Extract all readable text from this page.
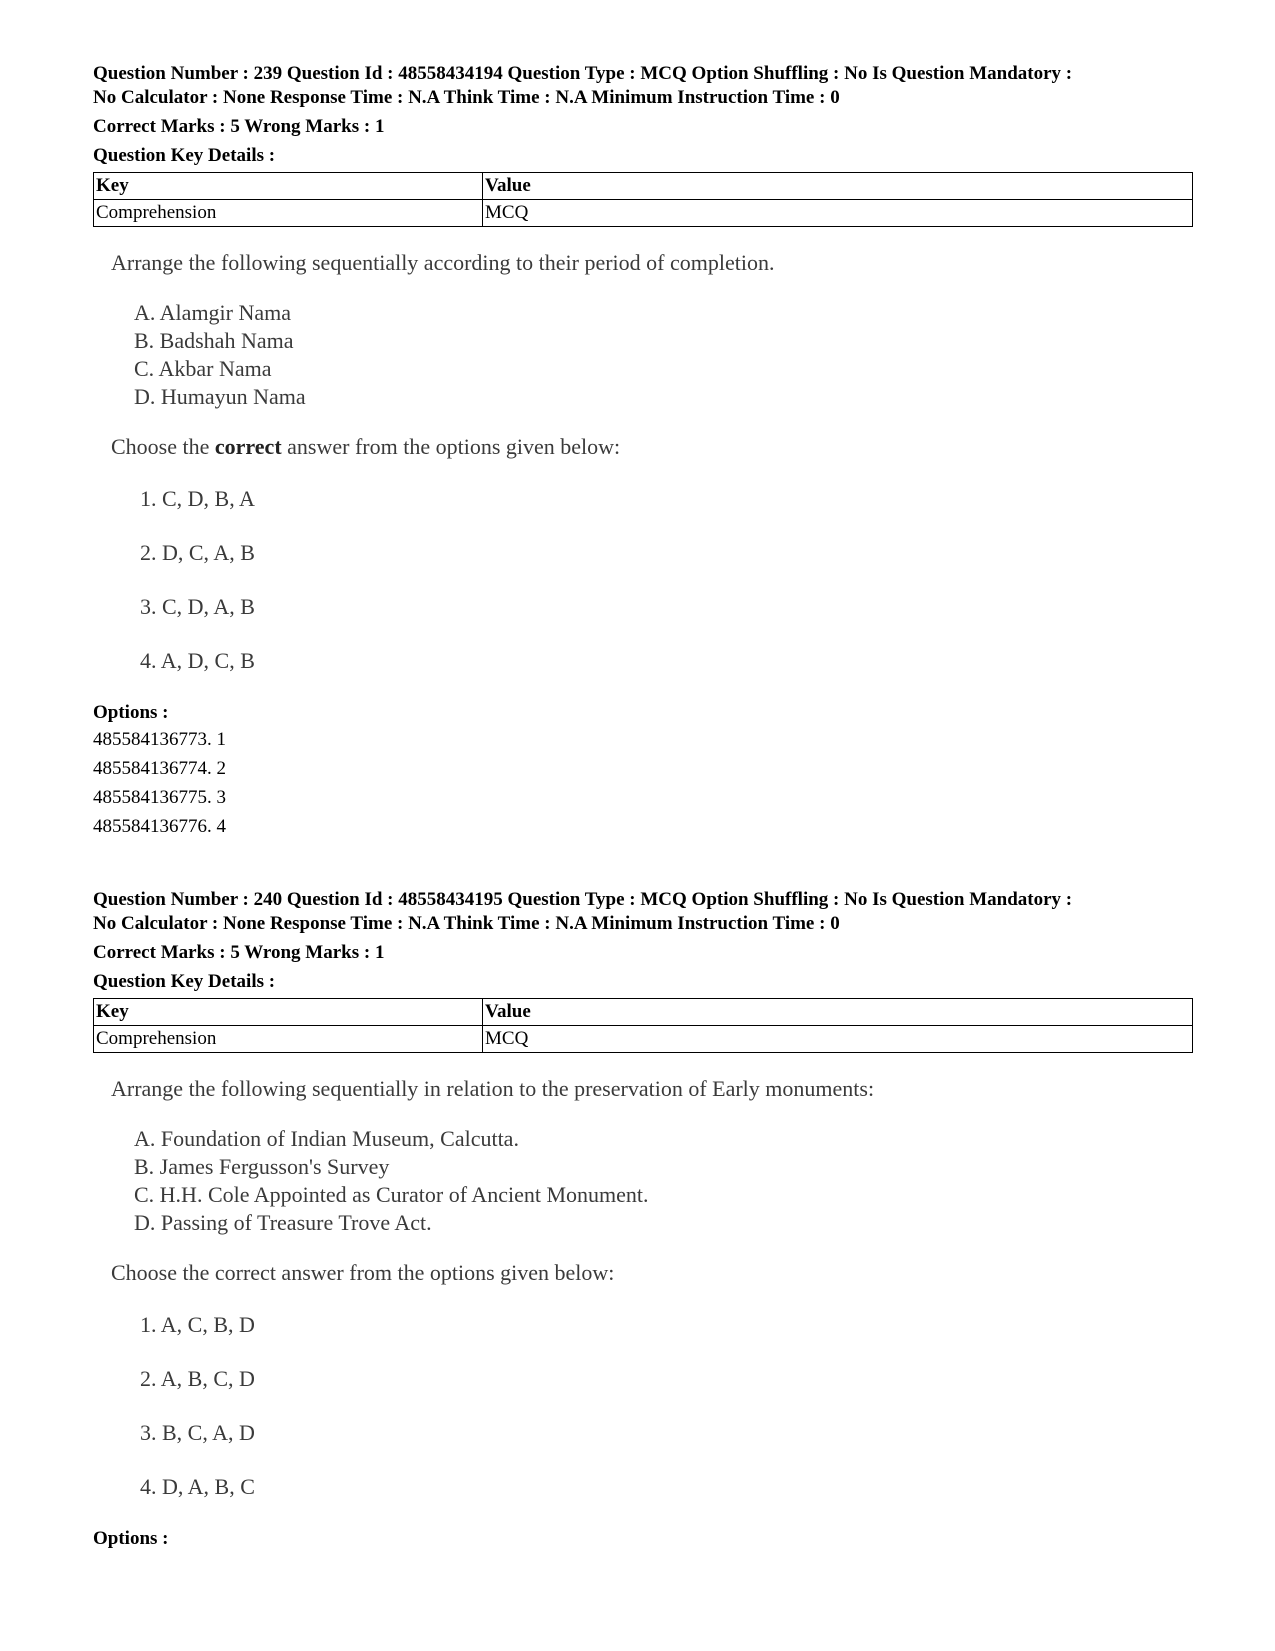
Question Number : 239 Question Id : 48558434194 Question Type : MCQ Option Shuffling : No Is Question Mandatory :
No Calculator : None Response Time : N.A Think Time : N.A Minimum Instruction Time : 0

Correct Marks : 5 Wrong Marks : 1
Question Key Details :
Key	Value
Comprehension	MCQ
Arrange the following sequentially according to their period of completion.
A. Alamgir Nama
B. Badshah Nama
C. Akbar Nama
D. Humayun Nama
Choose the correct answer from the options given below:
1. C, D, B, A
2. D, C, A, B
3. C, D, A, B
4. A, D, C, B
Options :
485584136773. 1
485584136774. 2
485584136775. 3
485584136776. 4

Question Number : 240 Question Id : 48558434195 Question Type : MCQ Option Shuffling : No Is Question Mandatory :
No Calculator : None Response Time : N.A Think Time : N.A Minimum Instruction Time : 0

Correct Marks : 5 Wrong Marks : 1
Question Key Details :
Key	Value
Comprehension	MCQ
Arrange the following sequentially in relation to the preservation of Early monuments:
A. Foundation of Indian Museum, Calcutta.
B. James Fergusson's Survey
C. H.H. Cole Appointed as Curator of Ancient Monument.
D. Passing of Treasure Trove Act.
Choose the correct answer from the options given below:
1. A, C, B, D
2. A, B, C, D
3. B, C, A, D
4. D, A, B, C
Options :
